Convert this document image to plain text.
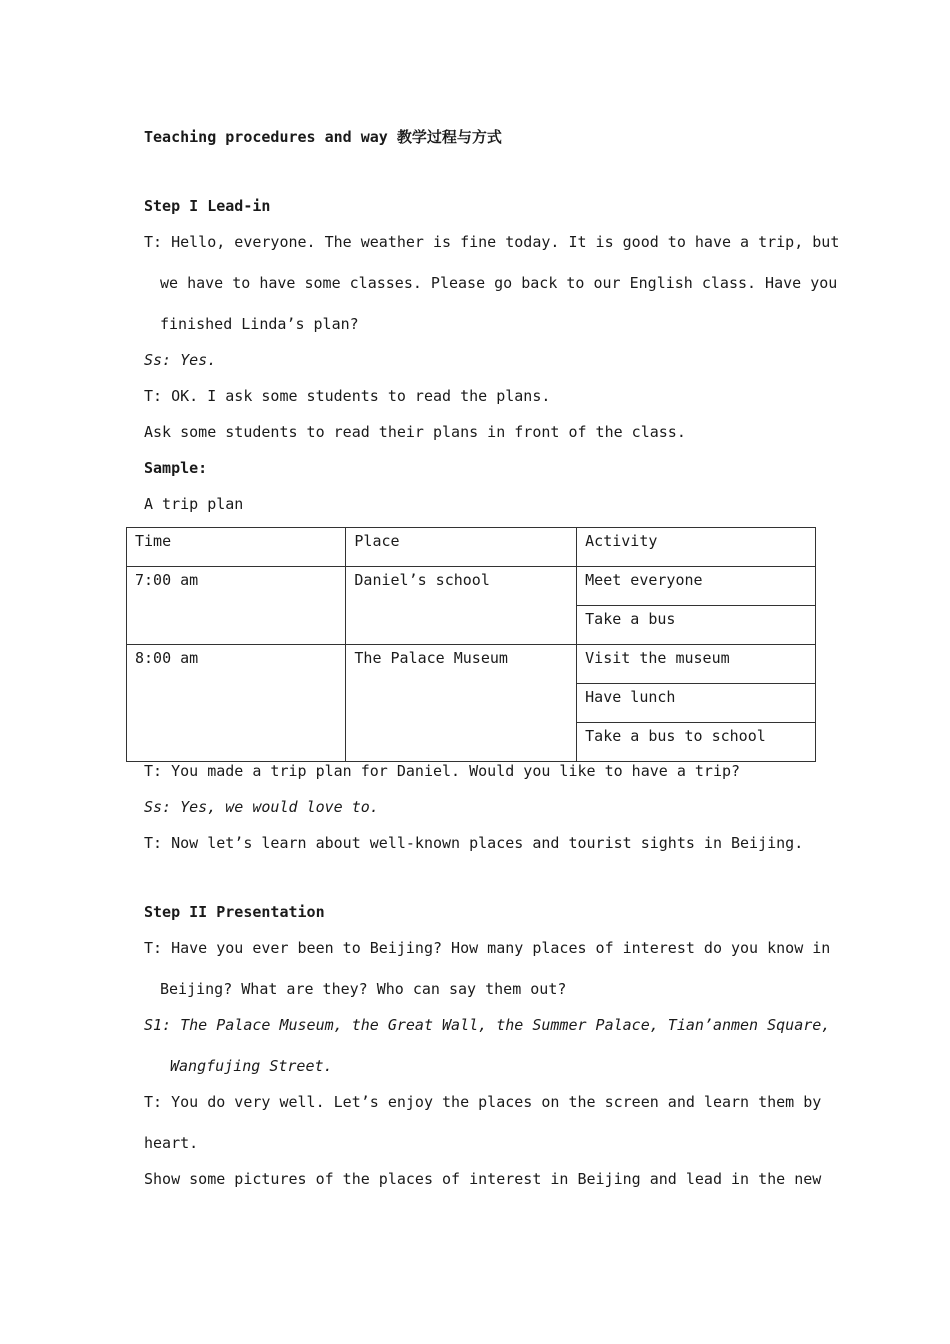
Teaching procedures and way 教学过程与方式
Step I Lead-in
T: Hello, everyone. The weather is fine today. It is good to have a trip, but
we have to have some classes. Please go back to our English class. Have you
finished Linda’s plan?
Ss: Yes.
T: OK. I ask some students to read the plans.
Ask some students to read their plans in front of the class.
Sample:
A trip plan
Time	Place	Activity
7:00 am	Daniel’s school	Meet everyone
		Take a bus
8:00 am	The Palace Museum	Visit the museum
		Have lunch
		Take a bus to school
T: You made a trip plan for Daniel. Would you like to have a trip?
Ss: Yes, we would love to.
T: Now let’s learn about well-known places and tourist sights in Beijing.
Step II Presentation
T: Have you ever been to Beijing? How many places of interest do you know in
Beijing? What are they? Who can say them out?
S1: The Palace Museum, the Great Wall, the Summer Palace, Tian’anmen Square,
Wangfujing Street.
T: You do very well. Let’s enjoy the places on the screen and learn them by
heart.
Show some pictures of the places of interest in Beijing and lead in the new
